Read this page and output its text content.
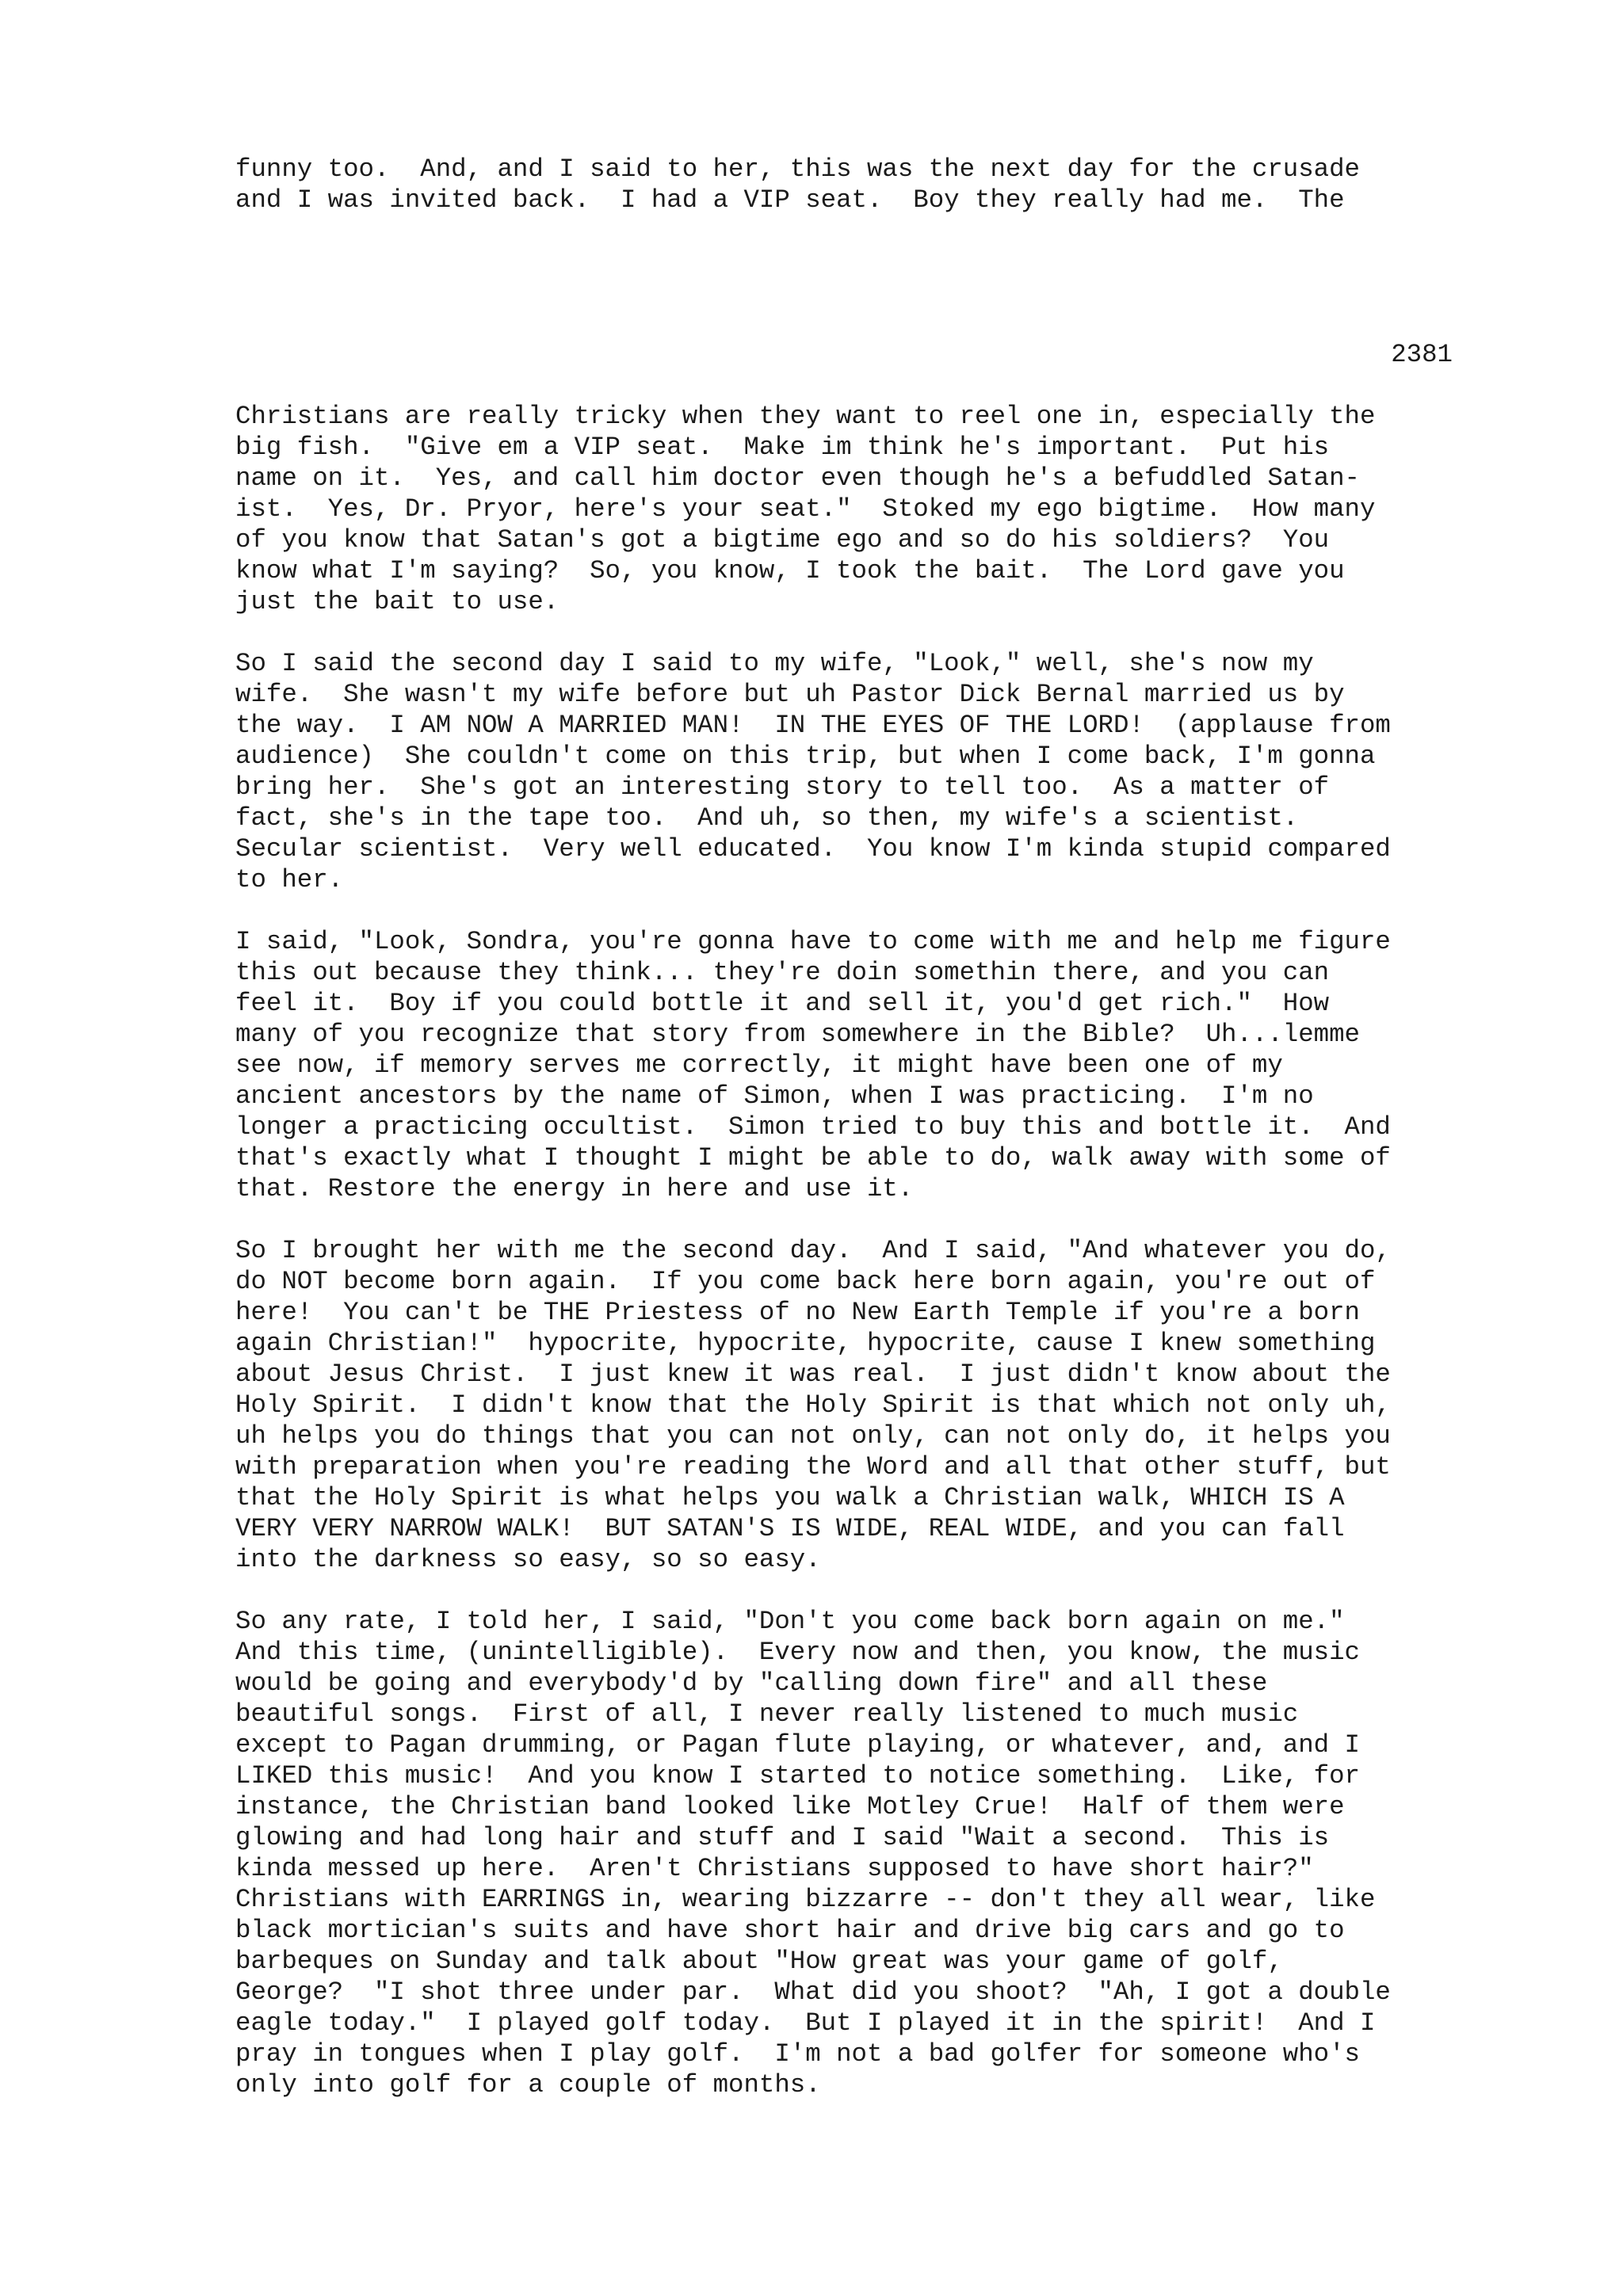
funny too.  And, and I said to her, this was the next day for the crusade
and I was invited back.  I had a VIP seat.  Boy they really had me.  The

2381

Christians are really tricky when they want to reel one in, especially the
big fish.  "Give em a VIP seat.  Make im think he's important.  Put his
name on it.  Yes, and call him doctor even though he's a befuddled Satan-
ist.  Yes, Dr. Pryor, here's your seat."  Stoked my ego bigtime.  How many
of you know that Satan's got a bigtime ego and so do his soldiers?  You
know what I'm saying?  So, you know, I took the bait.  The Lord gave you
just the bait to use.

So I said the second day I said to my wife, "Look," well, she's now my
wife.  She wasn't my wife before but uh Pastor Dick Bernal married us by
the way.  I AM NOW A MARRIED MAN!  IN THE EYES OF THE LORD!  (applause from
audience)  She couldn't come on this trip, but when I come back, I'm gonna
bring her.  She's got an interesting story to tell too.  As a matter of
fact, she's in the tape too.  And uh, so then, my wife's a scientist.
Secular scientist.  Very well educated.  You know I'm kinda stupid compared
to her.

I said, "Look, Sondra, you're gonna have to come with me and help me figure
this out because they think... they're doin somethin there, and you can
feel it.  Boy if you could bottle it and sell it, you'd get rich."  How
many of you recognize that story from somewhere in the Bible?  Uh...lemme
see now, if memory serves me correctly, it might have been one of my
ancient ancestors by the name of Simon, when I was practicing.  I'm no
longer a practicing occultist.  Simon tried to buy this and bottle it.  And
that's exactly what I thought I might be able to do, walk away with some of
that. Restore the energy in here and use it.

So I brought her with me the second day.  And I said, "And whatever you do,
do NOT become born again.  If you come back here born again, you're out of
here!  You can't be THE Priestess of no New Earth Temple if you're a born
again Christian!"  hypocrite, hypocrite, hypocrite, cause I knew something
about Jesus Christ.  I just knew it was real.  I just didn't know about the
Holy Spirit.  I didn't know that the Holy Spirit is that which not only uh,
uh helps you do things that you can not only, can not only do, it helps you
with preparation when you're reading the Word and all that other stuff, but
that the Holy Spirit is what helps you walk a Christian walk, WHICH IS A
VERY VERY NARROW WALK!  BUT SATAN'S IS WIDE, REAL WIDE, and you can fall
into the darkness so easy, so so easy.

So any rate, I told her, I said, "Don't you come back born again on me."
And this time, (unintelligible).  Every now and then, you know, the music
would be going and everybody'd by "calling down fire" and all these
beautiful songs.  First of all, I never really listened to much music
except to Pagan drumming, or Pagan flute playing, or whatever, and, and I
LIKED this music!  And you know I started to notice something.  Like, for
instance, the Christian band looked like Motley Crue!  Half of them were
glowing and had long hair and stuff and I said "Wait a second.  This is
kinda messed up here.  Aren't Christians supposed to have short hair?"
Christians with EARRINGS in, wearing bizzarre -- don't they all wear, like
black mortician's suits and have short hair and drive big cars and go to
barbeques on Sunday and talk about "How great was your game of golf,
George?  "I shot three under par.  What did you shoot?  "Ah, I got a double
eagle today."  I played golf today.  But I played it in the spirit!  And I
pray in tongues when I play golf.  I'm not a bad golfer for someone who's
only into golf for a couple of months.
